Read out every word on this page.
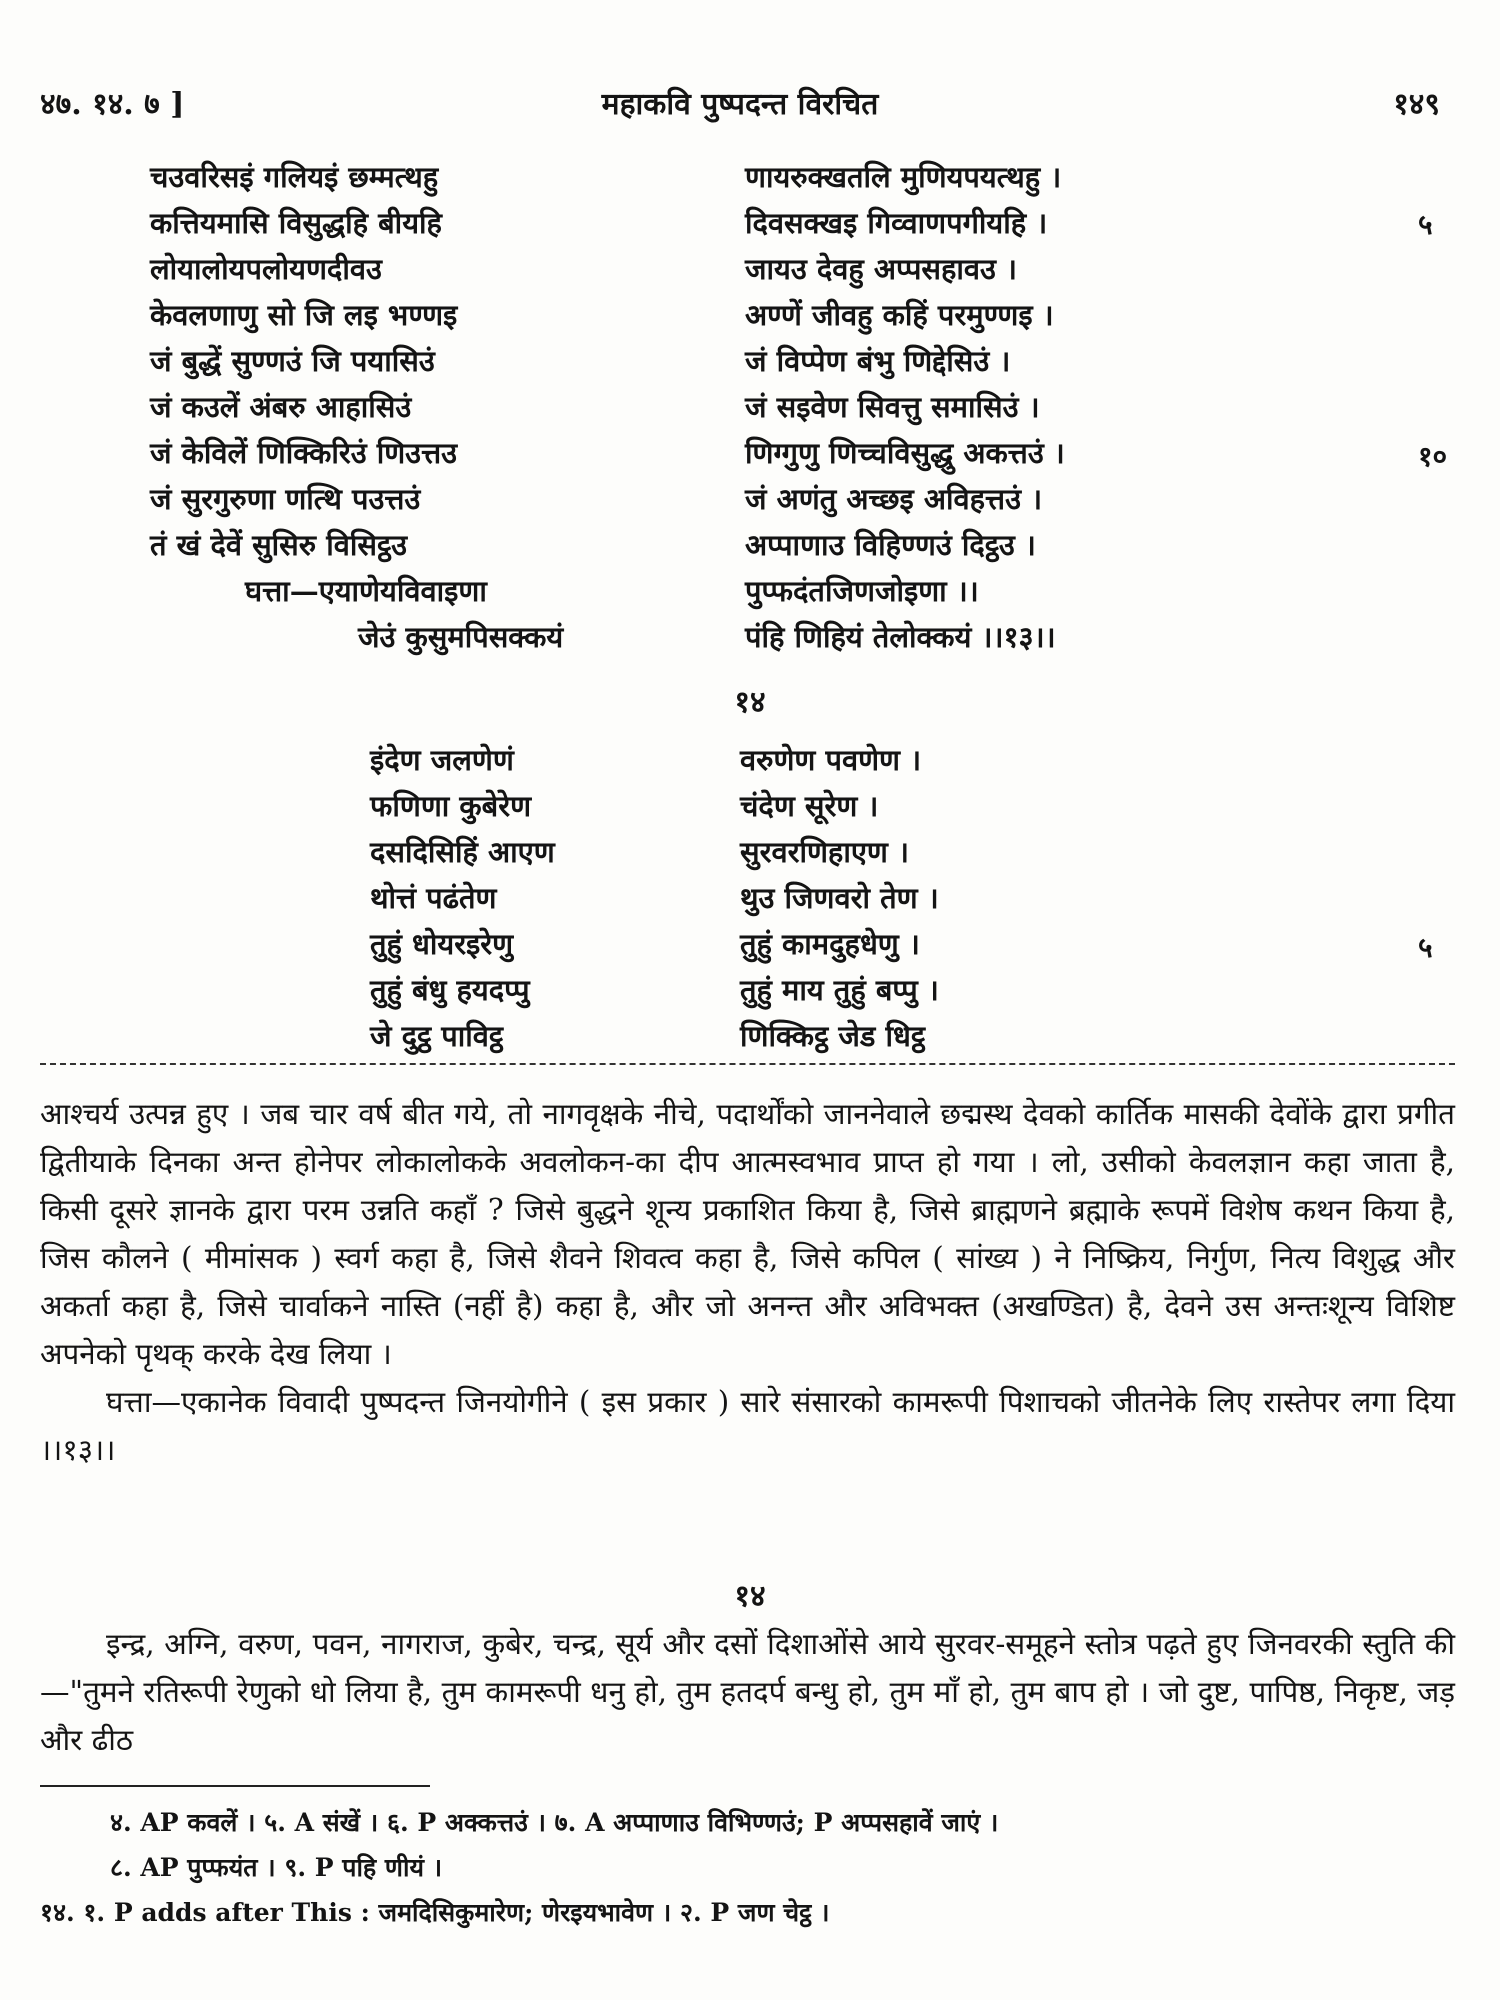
४७. १४. ७ ]	महाकवि पुष्पदन्त विरचित	१४९
चउवरिसइं गलियइं छम्मत्थहु	णायरुक्खतलि मुणियपयत्थहु ।
कत्तियमासि विसुद्धहि बीयहि	दिवसक्खइ गिव्वाणपगीयहि ।	५
लोयालोयपलोयणदीवउ	जायउ देवहु अप्पसहावउ ।
केवलणाणु सो जि लइ भण्णइ	अण्णें जीवहु कहिं परमुण्णइ ।
जं बुद्धें सुण्णउं जि पयासिउं	जं विप्पेण बंभु णिद्देसिउं ।
जं कउलें अंबरु आहासिउं	जं सइवेण सिवत्तु समासिउं ।
जं केविलें णिक्किरिउं णिउत्तउ	णिग्गुणु णिच्चविसुद्धु अकत्तउं ।	१०
जं सुरगुरुणा णत्थि पउत्तउं	जं अणंतु अच्छइ अविहत्तउं ।
तं खं देवें सुसिरु विसिट्ठउ	अप्पाणाउ विहिण्णउं दिट्ठउ ।
घत्ता—एयाणेयविवाइणा	पुप्फदंतजिणजोइणा ।।
जेउं कुसुमपिसक्कयं	पंहि णिहियं तेलोक्कयं ।।१३।।
१४
इंदेण जलणेणं	वरुणेण पवणेण ।
फणिणा कुबेरेण	चंदेण सूरेण ।
दसदिसिहिं आएण	सुरवरणिहाएण ।
थोत्तं पढंतेण	थुउ जिणवरो तेण ।
तुहुं धोयरइरेणु	तुहुं कामदुहधेणु ।	५
तुहुं बंधु हयदप्पु	तुहुं माय तुहुं बप्पु ।
जे दुट्ठ पाविट्ठ	णिक्किट्ठ जेड धिट्ठ

आश्चर्य उत्पन्न हुए । जब चार वर्ष बीत गये, तो नागवृक्षके नीचे, पदार्थोंको जाननेवाले छद्मस्थ देवको कार्तिक मासकी देवोंके द्वारा प्रगीत द्वितीयाके दिनका अन्त होनेपर लोकालोकके अवलोकन-का दीप आत्मस्वभाव प्राप्त हो गया । लो, उसीको केवलज्ञान कहा जाता है, किसी दूसरे ज्ञानके द्वारा परम उन्नति कहाँ ? जिसे बुद्धने शून्य प्रकाशित किया है, जिसे ब्राह्मणने ब्रह्माके रूपमें विशेष कथन किया है, जिस कौलने ( मीमांसक ) स्वर्ग कहा है, जिसे शैवने शिवत्व कहा है, जिसे कपिल ( सांख्य ) ने निष्क्रिय, निर्गुण, नित्य विशुद्ध और अकर्ता कहा है, जिसे चार्वाकने नास्ति (नहीं है) कहा है, और जो अनन्त और अविभक्त (अखण्डित) है, देवने उस अन्तःशून्य विशिष्ट अपनेको पृथक् करके देख लिया ।

घत्ता—एकानेक विवादी पुष्पदन्त जिनयोगीने ( इस प्रकार ) सारे संसारको कामरूपी पिशाचको जीतनेके लिए रास्तेपर लगा दिया ।।१३।।

१४

इन्द्र, अग्नि, वरुण, पवन, नागराज, कुबेर, चन्द्र, सूर्य और दसों दिशाओंसे आये सुरवर-समूहने स्तोत्र पढ़ते हुए जिनवरकी स्तुति की—"तुमने रतिरूपी रेणुको धो लिया है, तुम कामरूपी धनु हो, तुम हतदर्प बन्धु हो, तुम माँ हो, तुम बाप हो । जो दुष्ट, पापिष्ठ, निकृष्ट, जड़ और ढीठ

४. AP कवलें । ५. A संखें । ६. P अक्कत्तउं । ७. A अप्पाणाउ विभिण्णउं; P अप्पसहावें जाएं ।
८. AP पुप्फयंत । ९. P पहि णीयं ।
१४. १. P adds after This : जमदिसिकुमारेण; णेरइयभावेण । २. P जण चेट्ठ ।
